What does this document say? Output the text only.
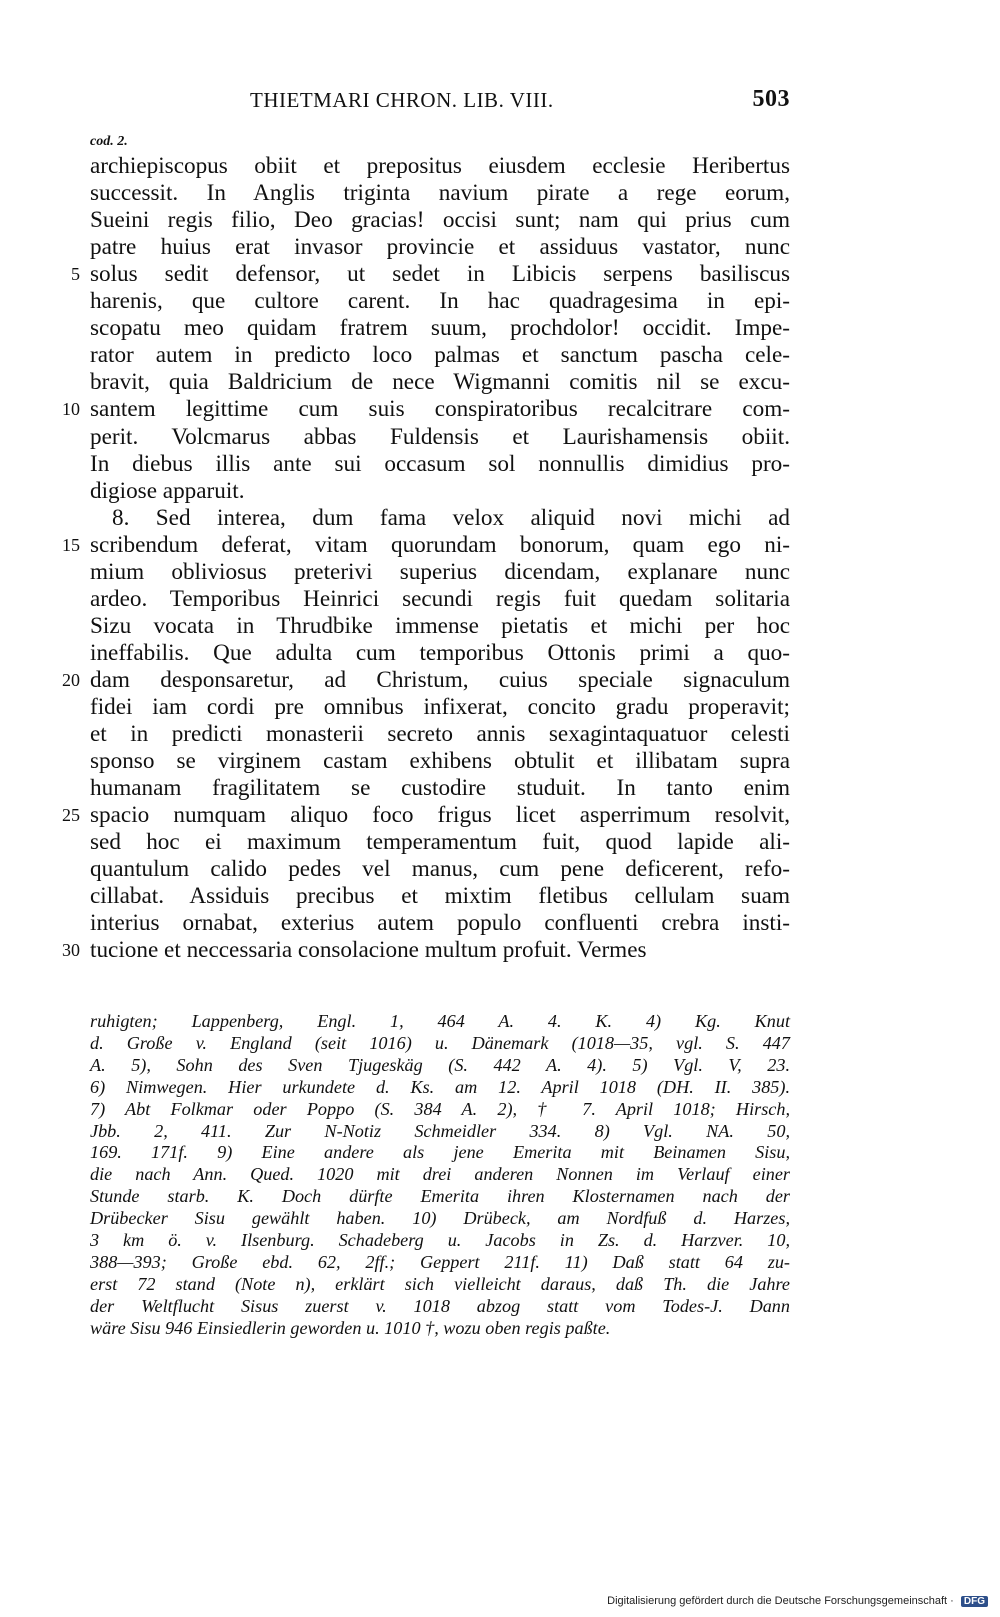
THIETMARI CHRON. LIB. VIII.	503
cod. 2.
archiepiscopus obiit et prepositus eiusdem ecclesie Heribertus
successit. In Anglis triginta navium pirate a rege eorum,
Sueini regis filio, Deo gracias! occisi sunt; nam qui prius cum
patre huius erat invasor provincie et assiduus vastator, nunc
solus sedit defensor, ut sedet in Libicis serpens basiliscus
5
harenis, que cultore carent. In hac quadragesima in epi-
scopatu meo quidam fratrem suum, prochdolor! occidit. Impe-
rator autem in predicto loco palmas et sanctum pascha cele-
bravit, quia Baldricium de nece Wigmanni comitis nil se excu-
santem legittime cum suis conspiratoribus recalcitrare com-
10
perit. Volcmarus abbas Fuldensis et Laurishamensis obiit.
In diebus illis ante sui occasum sol nonnullis dimidius pro-
digiose apparuit.
8. Sed interea, dum fama velox aliquid novi michi ad
scribendum deferat, vitam quorundam bonorum, quam ego ni-
15
mium obliviosus preterivi superius dicendam, explanare nunc
ardeo. Temporibus Heinrici secundi regis fuit quedam solitaria
Sizu vocata in Thrudbike immense pietatis et michi per hoc
ineffabilis. Que adulta cum temporibus Ottonis primi a quo-
dam desponsaretur, ad Christum, cuius speciale signaculum
20
fidei iam cordi pre omnibus infixerat, concito gradu properavit;
et in predicti monasterii secreto annis sexagintaquatuor celesti
sponso se virginem castam exhibens obtulit et illibatam supra
humanam fragilitatem se custodire studuit. In tanto enim
spacio numquam aliquo foco frigus licet asperrimum resolvit,
25
sed hoc ei maximum temperamentum fuit, quod lapide ali-
quantulum calido pedes vel manus, cum pene deficerent, refo-
cillabat. Assiduis precibus et mixtim fletibus cellulam suam
interius ornabat, exterius autem populo confluenti crebra insti-
tucione et neccessaria consolacione multum profuit. Vermes
30
ruhigten; Lappenberg, Engl. 1, 464 A. 4. K. 4) Kg. Knut
d. Große v. England (seit 1016) u. Dänemark (1018—35, vgl. S. 447
A. 5), Sohn des Sven Tjugeskäg (S. 442 A. 4). 5) Vgl. V, 23.
6) Nimwegen. Hier urkundete d. Ks. am 12. April 1018 (DH. II. 385).
7) Abt Folkmar oder Poppo (S. 384 A. 2), † 7. April 1018; Hirsch,
Jbb. 2, 411. Zur N-Notiz Schmeidler 334. 8) Vgl. NA. 50,
169. 171f. 9) Eine andere als jene Emerita mit Beinamen Sisu,
die nach Ann. Qued. 1020 mit drei anderen Nonnen im Verlauf einer
Stunde starb. K. Doch dürfte Emerita ihren Klosternamen nach der
Drübecker Sisu gewählt haben. 10) Drübeck, am Nordfuß d. Harzes,
3 km ö. v. Ilsenburg. Schadeberg u. Jacobs in Zs. d. Harzver. 10,
388—393; Große ebd. 62, 2ff.; Geppert 211f. 11) Daß statt 64 zu-
erst 72 stand (Note n), erklärt sich vielleicht daraus, daß Th. die Jahre
der Weltflucht Sisus zuerst v. 1018 abzog statt vom Todes-J. Dann
wäre Sisu 946 Einsiedlerin geworden u. 1010 †, wozu oben regis paßte.
Digitalisierung gefördert durch die Deutsche Forschungsgemeinschaft · DFG
